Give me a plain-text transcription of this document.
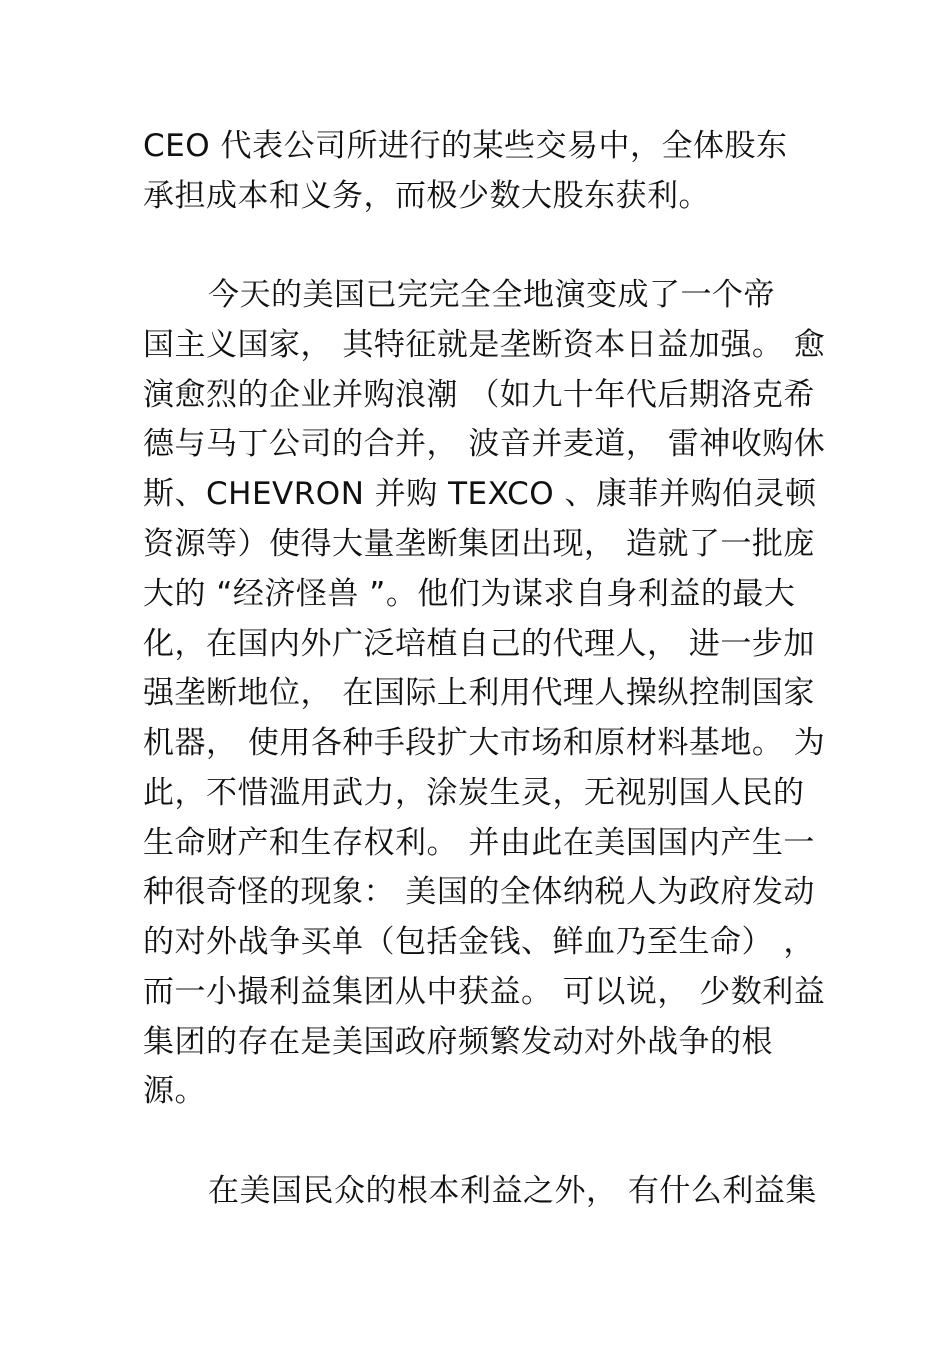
CEO 代表公司所进行的某些交易中，全体股东
承担成本和义务，而极少数大股东获利。
今天的美国已完完全全地演变成了一个帝
国主义国家， 其特征就是垄断资本日益加强。 愈
演愈烈的企业并购浪潮 （如九十年代后期洛克希
德与马丁公司的合并， 波音并麦道， 雷神收购休
斯、CHEVRON 并购 TEXCO 、康菲并购伯灵顿
资源等）使得大量垄断集团出现， 造就了一批庞
大的 “经济怪兽 ”。他们为谋求自身利益的最大
化，在国内外广泛培植自己的代理人， 进一步加
强垄断地位， 在国际上利用代理人操纵控制国家
机器， 使用各种手段扩大市场和原材料基地。 为
此，不惜滥用武力，涂炭生灵，无视别国人民的
生命财产和生存权利。 并由此在美国国内产生一
种很奇怪的现象： 美国的全体纳税人为政府发动
的对外战争买单（包括金钱、鲜血乃至生命） ，
而一小撮利益集团从中获益。 可以说， 少数利益
集团的存在是美国政府频繁发动对外战争的根
源。
在美国民众的根本利益之外， 有什么利益集
